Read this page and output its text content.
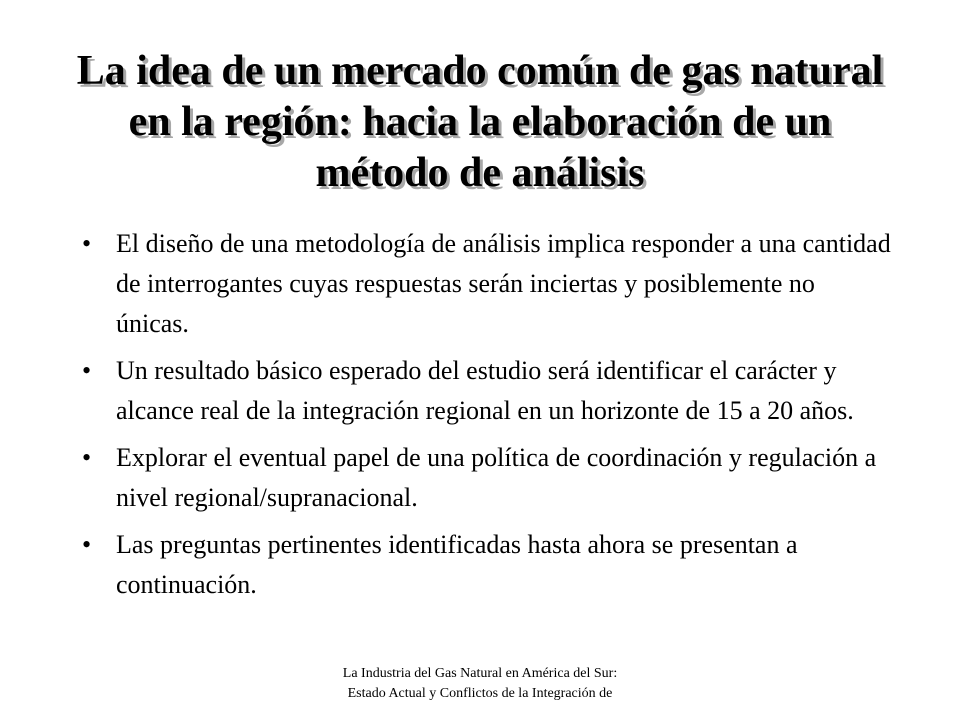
La idea de un mercado común de gas natural en la región: hacia la elaboración de un método de análisis
• El diseño de una metodología de análisis implica responder a una cantidad de interrogantes cuyas respuestas serán inciertas y posiblemente no únicas.
• Un resultado básico esperado del estudio será identificar el carácter y alcance real de la integración regional en un horizonte de 15 a 20 años.
• Explorar el eventual papel de una política de coordinación y regulación a nivel regional/supranacional.
• Las preguntas pertinentes identificadas hasta ahora se presentan a continuación.

La Industria del Gas Natural en América del Sur: Estado Actual y Conflictos de la Integración de
